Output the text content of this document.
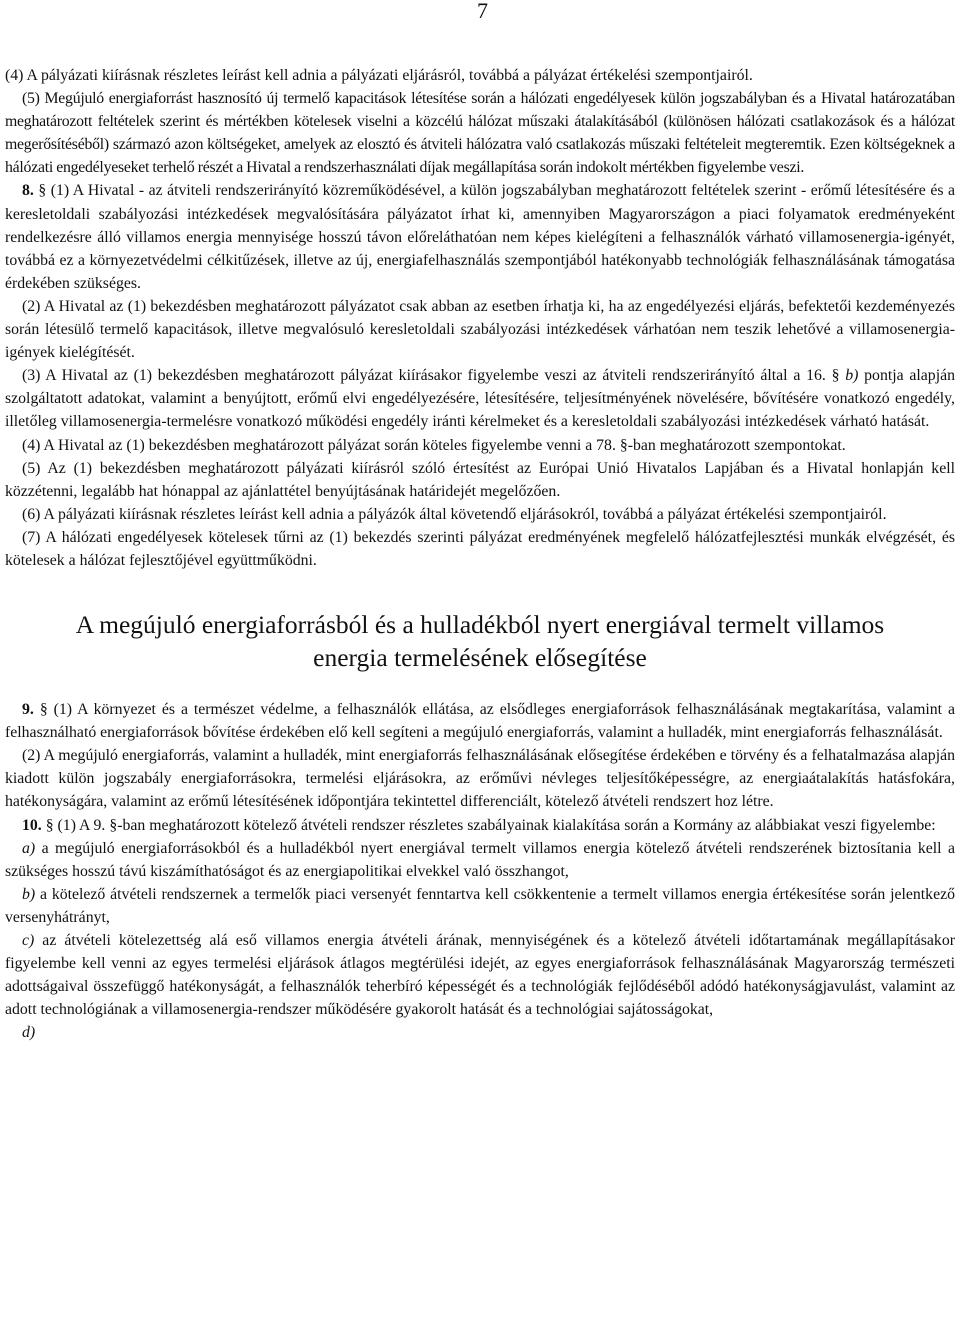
7

(4) A pályázati kiírásnak részletes leírást kell adnia a pályázati eljárásról, továbbá a pályázat értékelési szempontjairól.

(5) Megújuló energiaforrást hasznosító új termelő kapacitások létesítése során a hálózati engedélyesek külön jogszabályban és a Hivatal határozatában meghatározott feltételek szerint és mértékben kötelesek viselni a közcélú hálózat műszaki átalakításából (különösen hálózati csatlakozások és a hálózat megerősítéséből) származó azon költségeket, amelyek az elosztó és átviteli hálózatra való csatlakozás műszaki feltételeit megteremtik. Ezen költségeknek a hálózati engedélyeseket terhelő részét a Hivatal a rendszerhasználati díjak megállapítása során indokolt mértékben figyelembe veszi.

8. § (1) A Hivatal - az átviteli rendszerirányító közreműködésével, a külön jogszabályban meghatározott feltételek szerint - erőmű létesítésére és a keresletoldali szabályozási intézkedések megvalósítására pályázatot írhat ki, amennyiben Magyarországon a piaci folyamatok eredményeként rendelkezésre álló villamos energia mennyisége hosszú távon előreláthatóan nem képes kielégíteni a felhasználók várható villamosenergia-igényét, továbbá ez a környezetvédelmi célkitűzések, illetve az új, energiafelhasználás szempontjából hatékonyabb technológiák felhasználásának támogatása érdekében szükséges.

(2) A Hivatal az (1) bekezdésben meghatározott pályázatot csak abban az esetben írhatja ki, ha az engedélyezési eljárás, befektetői kezdeményezés során létesülő termelő kapacitások, illetve megvalósuló keresletoldali szabályozási intézkedések várhatóan nem teszik lehetővé a villamosenergia-igények kielégítését.

(3) A Hivatal az (1) bekezdésben meghatározott pályázat kiírásakor figyelembe veszi az átviteli rendszerirányító által a 16. § b) pontja alapján szolgáltatott adatokat, valamint a benyújtott, erőmű elvi engedélyezésére, létesítésére, teljesítményének növelésére, bővítésére vonatkozó engedély, illetőleg villamosenergia-termelésre vonatkozó működési engedély iránti kérelmeket és a keresletoldali szabályozási intézkedések várható hatását.

(4) A Hivatal az (1) bekezdésben meghatározott pályázat során köteles figyelembe venni a 78. §-ban meghatározott szempontokat.

(5) Az (1) bekezdésben meghatározott pályázati kiírásról szóló értesítést az Európai Unió Hivatalos Lapjában és a Hivatal honlapján kell közzétenni, legalább hat hónappal az ajánlattétel benyújtásának határidejét megelőzően.

(6) A pályázati kiírásnak részletes leírást kell adnia a pályázók által követendő eljárásokról, továbbá a pályázat értékelési szempontjairól.

(7) A hálózati engedélyesek kötelesek tűrni az (1) bekezdés szerinti pályázat eredményének megfelelő hálózatfejlesztési munkák elvégzését, és kötelesek a hálózat fejlesztőjével együttműködni.

A megújuló energiaforrásból és a hulladékból nyert energiával termelt villamos
energia termelésének elősegítése

9. § (1) A környezet és a természet védelme, a felhasználók ellátása, az elsődleges energiaforrások felhasználásának megtakarítása, valamint a felhasználható energiaforrások bővítése érdekében elő kell segíteni a megújuló energiaforrás, valamint a hulladék, mint energiaforrás felhasználását.

(2) A megújuló energiaforrás, valamint a hulladék, mint energiaforrás felhasználásának elősegítése érdekében e törvény és a felhatalmazása alapján kiadott külön jogszabály energiaforrásokra, termelési eljárásokra, az erőművi névleges teljesítőképességre, az energiaátalakítás hatásfokára, hatékonyságára, valamint az erőmű létesítésének időpontjára tekintettel differenciált, kötelező átvételi rendszert hoz létre.

10. § (1) A 9. §-ban meghatározott kötelező átvételi rendszer részletes szabályainak kialakítása során a Kormány az alábbiakat veszi figyelembe:

a) a megújuló energiaforrásokból és a hulladékból nyert energiával termelt villamos energia kötelező átvételi rendszerének biztosítania kell a szükséges hosszú távú kiszámíthatóságot és az energiapolitikai elvekkel való összhangot,

b) a kötelező átvételi rendszernek a termelők piaci versenyét fenntartva kell csökkentenie a termelt villamos energia értékesítése során jelentkező versenyhátrányt,

c) az átvételi kötelezettség alá eső villamos energia átvételi árának, mennyiségének és a kötelező átvételi időtartamának megállapításakor figyelembe kell venni az egyes termelési eljárások átlagos megtérülési idejét, az egyes energiaforrások felhasználásának Magyarország természeti adottságaival összefüggő hatékonyságát, a felhasználók teherbíró képességét és a technológiák fejlődéséből adódó hatékonyságjavulást, valamint az adott technológiának a villamosenergia-rendszer működésére gyakorolt hatását és a technológiai sajátosságokat,

d)
